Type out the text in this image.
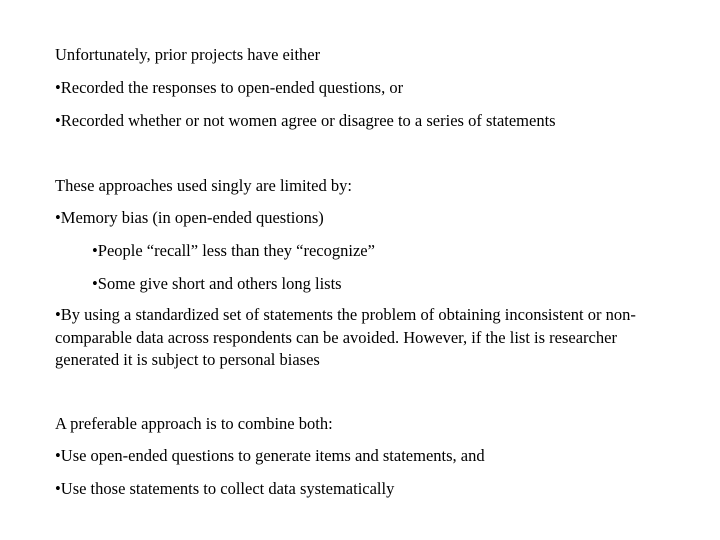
Unfortunately, prior projects have either
•Recorded the responses to open-ended questions, or
•Recorded whether or not women agree or disagree to a series of statements
These approaches used singly are limited by:
•Memory bias (in open-ended questions)
•People “recall” less than they “recognize”
•Some give short and others long lists
•By using a standardized set of statements the problem of obtaining inconsistent or non-comparable data across respondents can be avoided. However, if the list is researcher generated it is subject to personal biases
A preferable approach is to combine both:
•Use open-ended questions to generate items and statements, and
•Use those statements to collect data systematically
